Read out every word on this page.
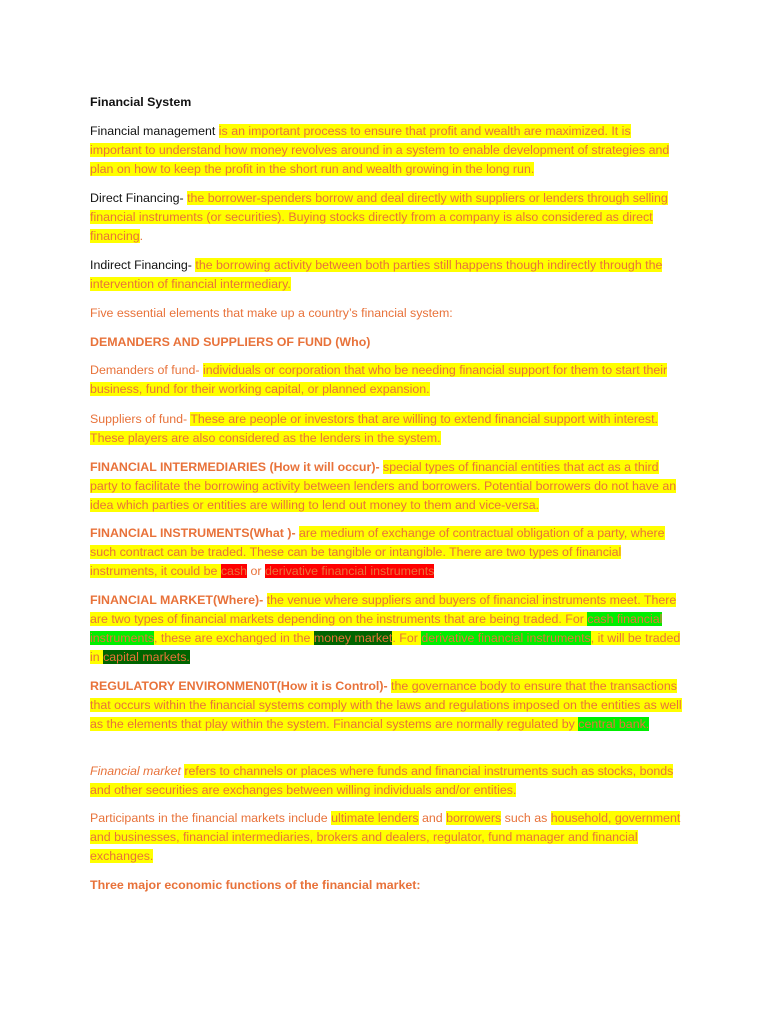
Financial System
Financial management is an important process to ensure that profit and wealth are maximized. It is important to understand how money revolves around in a system to enable development of strategies and plan on how to keep the profit in the short run and wealth growing in the long run.
Direct Financing- the borrower-spenders borrow and deal directly with suppliers or lenders through selling financial instruments (or securities). Buying stocks directly from a company is also considered as direct financing.
Indirect Financing- the borrowing activity between both parties still happens though indirectly through the intervention of financial intermediary.
Five essential elements that make up a country’s financial system:
DEMANDERS AND SUPPLIERS OF FUND (Who)
Demanders of fund- individuals or corporation that who be needing financial support for them to start their business, fund for their working capital, or planned expansion.
Suppliers of fund- These are people or investors that are willing to extend financial support with interest. These players are also considered as the lenders in the system.
FINANCIAL INTERMEDIARIES (How it will occur)- special types of financial entities that act as a third party to facilitate the borrowing activity between lenders and borrowers. Potential borrowers do not have an idea which parties or entities are willing to lend out money to them and vice-versa.
FINANCIAL INSTRUMENTS(What )- are medium of exchange of contractual obligation of a party, where such contract can be traded. These can be tangible or intangible. There are two types of financial instruments, it could be cash or derivative financial instruments
FINANCIAL MARKET(Where)- the venue where suppliers and buyers of financial instruments meet. There are two types of financial markets depending on the instruments that are being traded. For cash financial instruments, these are exchanged in the money market. For derivative financial instruments, it will be traded in capital markets.
REGULATORY ENVIRONMEN0T(How it is Control)- the governance body to ensure that the transactions that occurs within the financial systems comply with the laws and regulations imposed on the entities as well as the elements that play within the system. Financial systems are normally regulated by central bank.
Financial market refers to channels or places where funds and financial instruments such as stocks, bonds and other securities are exchanges between willing individuals and/or entities.
Participants in the financial markets include ultimate lenders and borrowers such as household, government and businesses, financial intermediaries, brokers and dealers, regulator, fund manager and financial exchanges.
Three major economic functions of the financial market:
